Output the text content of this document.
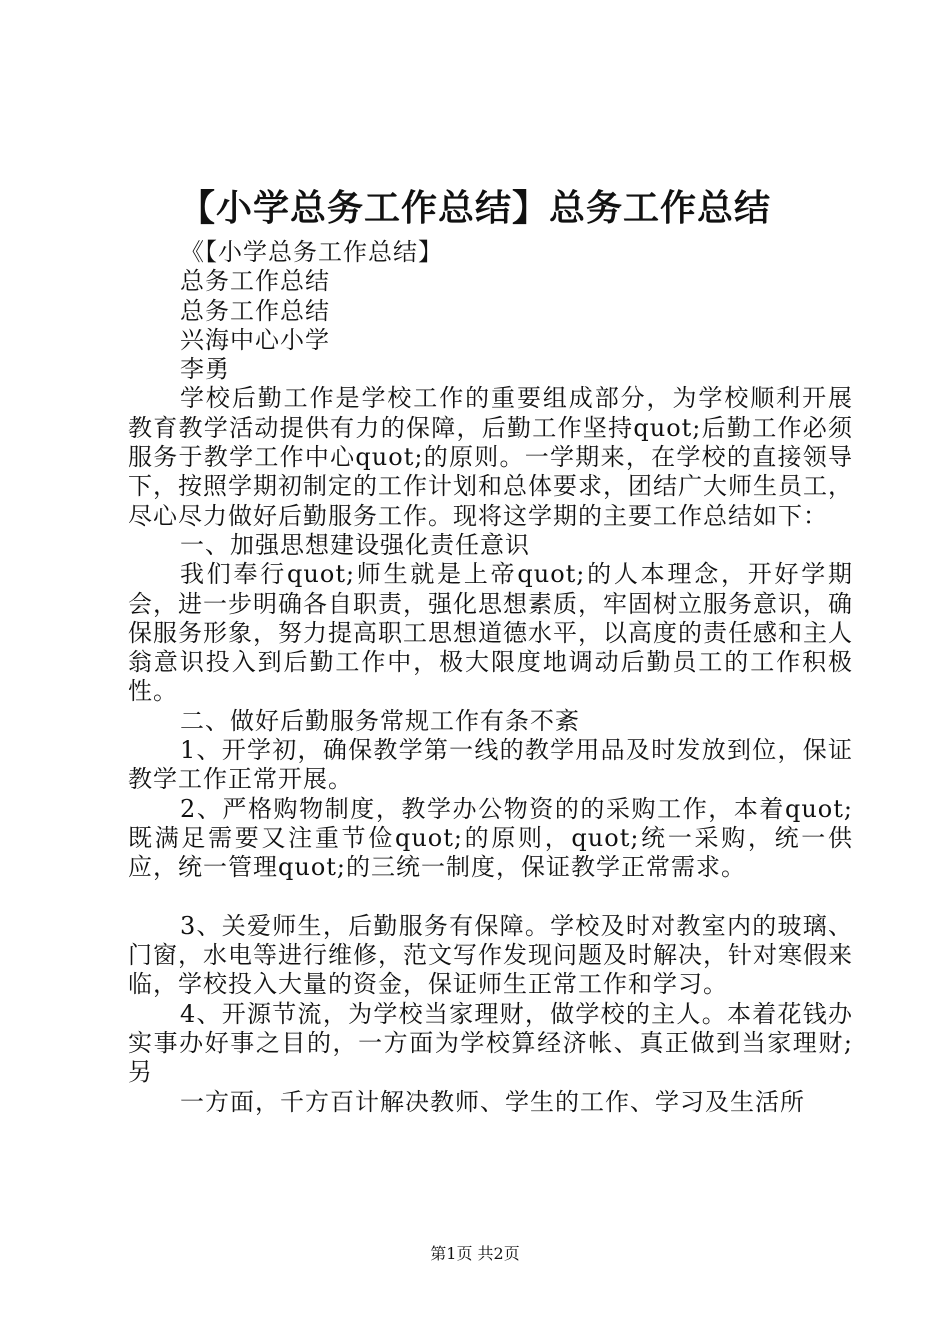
【小学总务工作总结】总务工作总结

《【小学总务工作总结】

总务工作总结

总务工作总结

兴海中心小学

李勇

学校后勤工作是学校工作的重要组成部分，为学校顺利开展教育教学活动提供有力的保障，后勤工作坚持quot;后勤工作必须服务于教学工作中心quot;的原则。一学期来，在学校的直接领导下，按照学期初制定的工作计划和总体要求，团结广大师生员工，尽心尽力做好后勤服务工作。现将这学期的主要工作总结如下：

一、加强思想建设强化责任意识

我们奉行quot;师生就是上帝quot;的人本理念，开好学期会，进一步明确各自职责，强化思想素质，牢固树立服务意识，确保服务形象，努力提高职工思想道德水平，以高度的责任感和主人翁意识投入到后勤工作中，极大限度地调动后勤员工的工作积极性。

二、做好后勤服务常规工作有条不紊

1、开学初，确保教学第一线的教学用品及时发放到位，保证教学工作正常开展。

2、严格购物制度，教学办公物资的的采购工作，本着quot;既满足需要又注重节俭quot;的原则，quot;统一采购，统一供应，统一管理quot;的三统一制度，保证教学正常需求。

3、关爱师生，后勤服务有保障。学校及时对教室内的玻璃、门窗，水电等进行维修，范文写作发现问题及时解决，针对寒假来临，学校投入大量的资金，保证师生正常工作和学习。

4、开源节流，为学校当家理财，做学校的主人。本着花钱办实事办好事之目的，一方面为学校算经济帐、真正做到当家理财;另

一方面，千方百计解决教师、学生的工作、学习及生活所

第1页 共2页
